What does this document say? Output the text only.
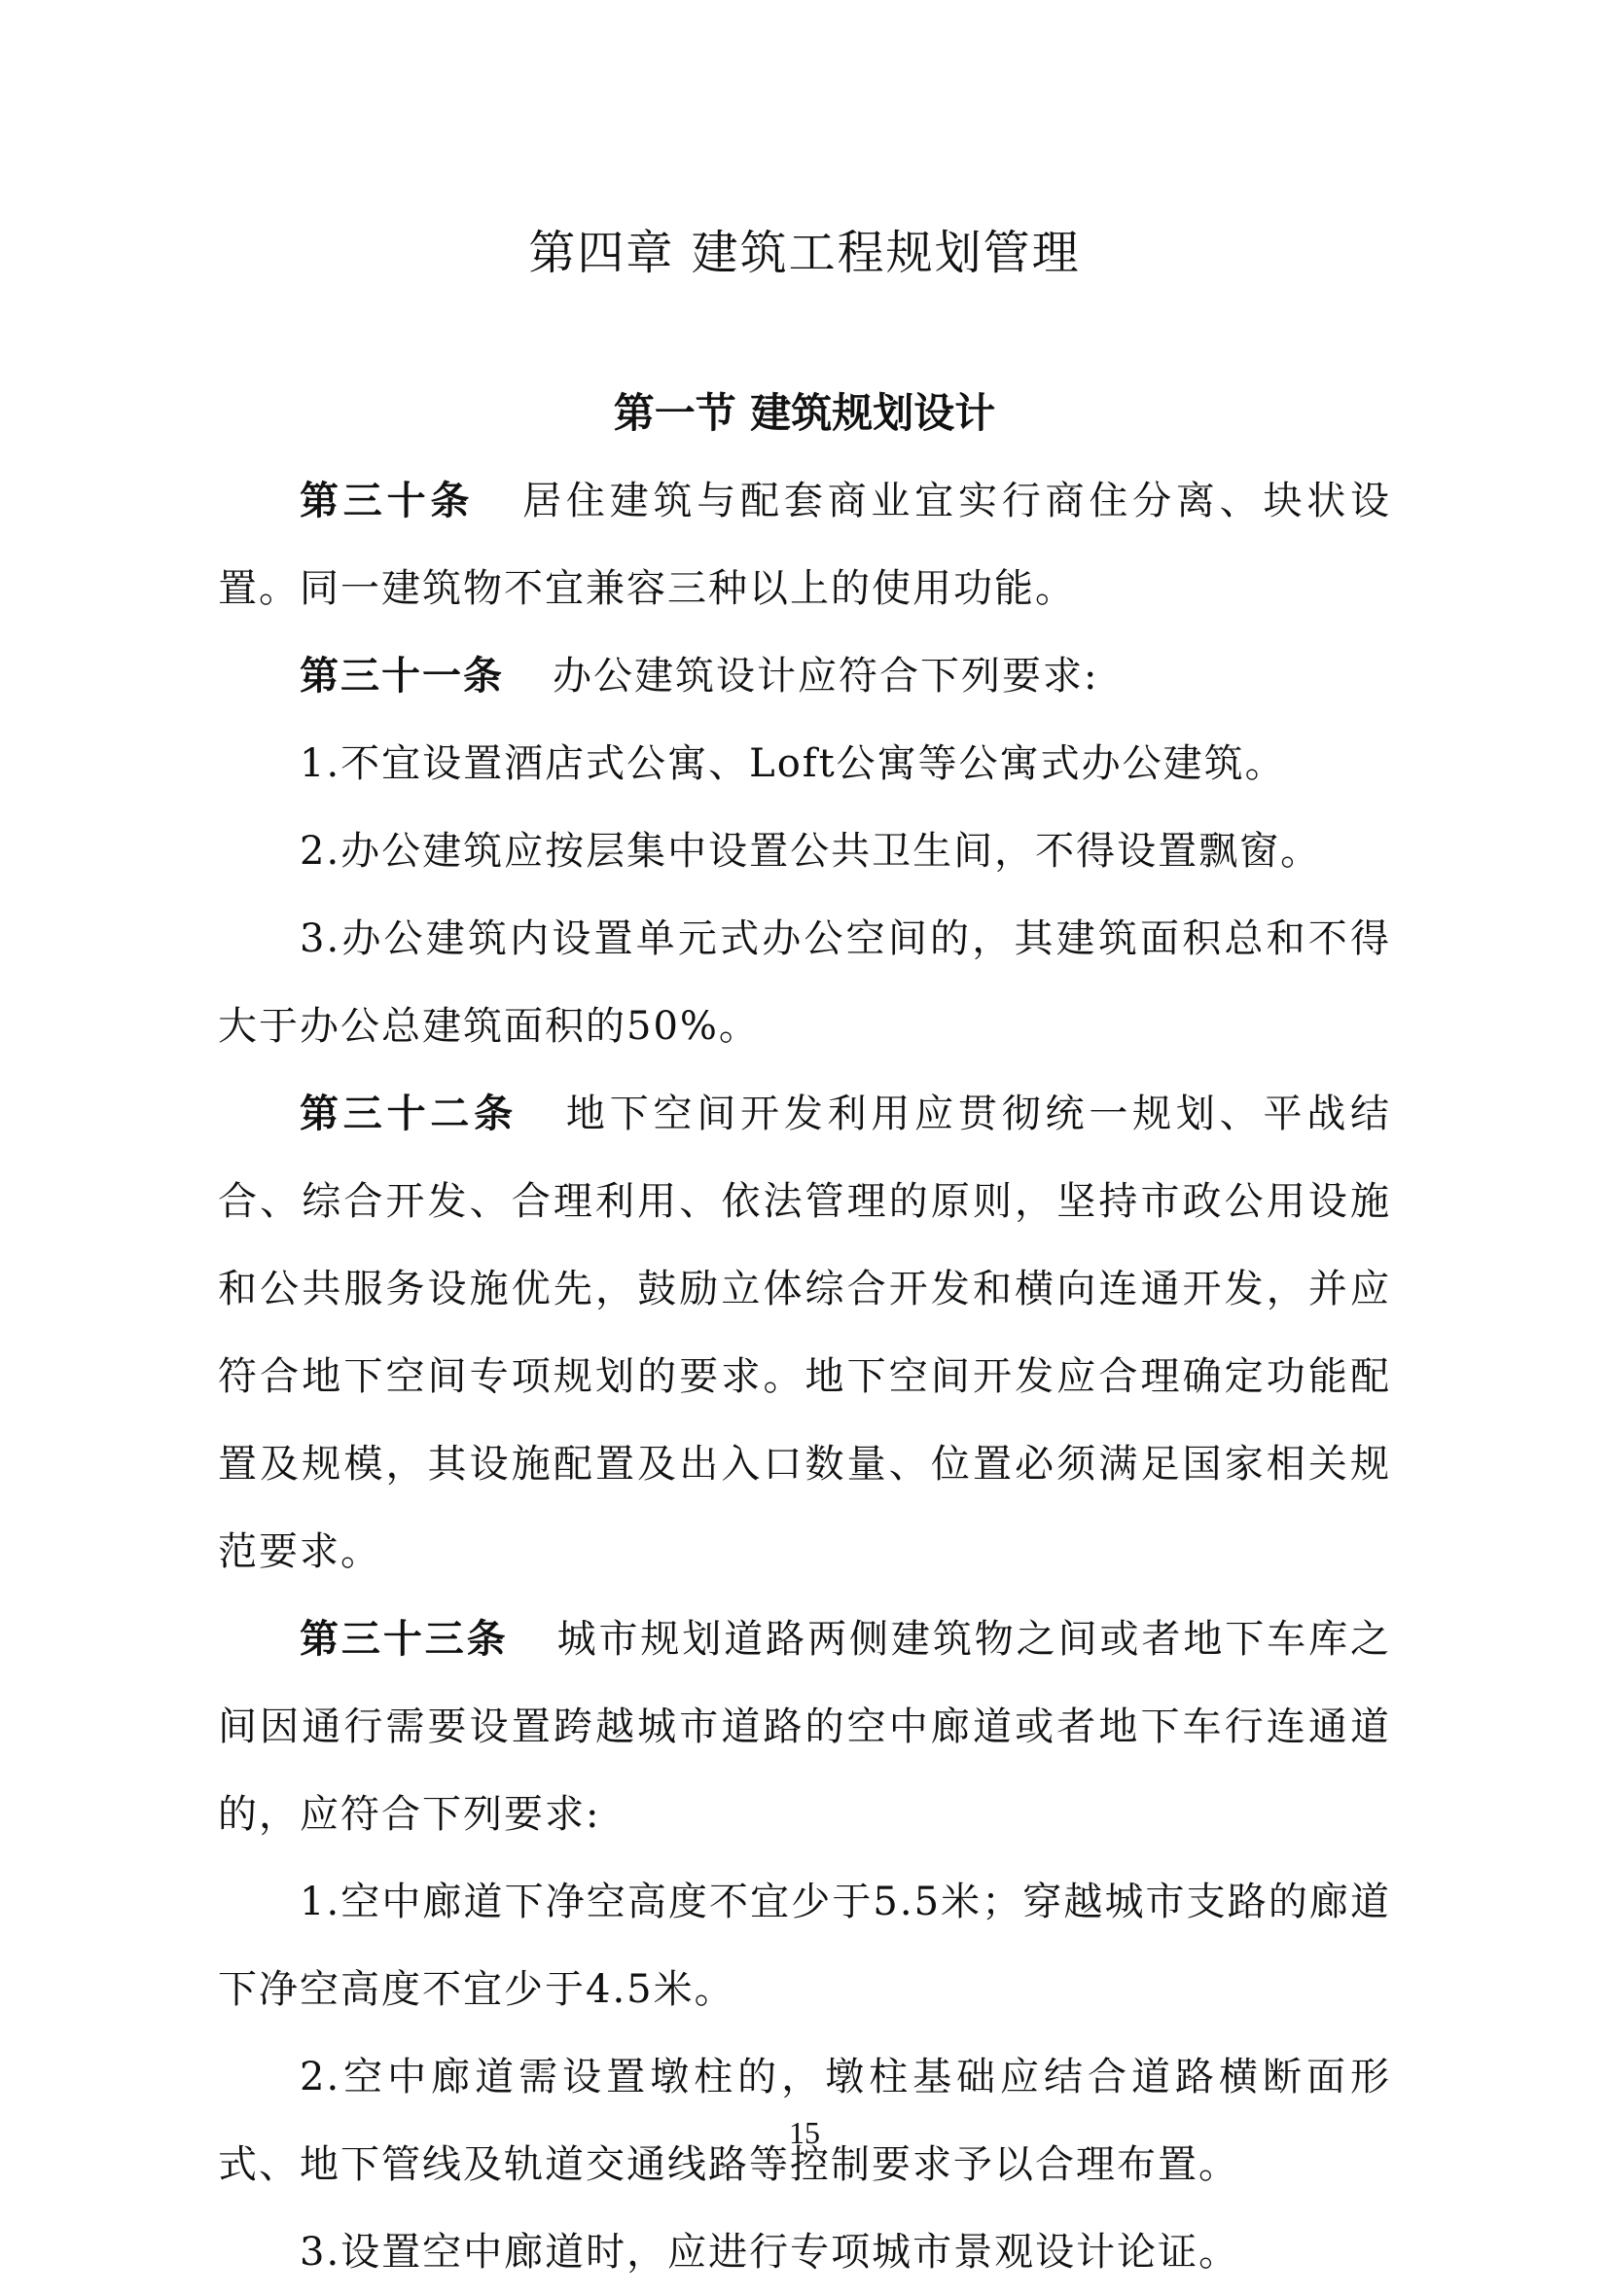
第四章 建筑工程规划管理
第一节 建筑规划设计

第三十条 居住建筑与配套商业宜实行商住分离、块状设置。同一建筑物不宜兼容三种以上的使用功能。

第三十一条 办公建筑设计应符合下列要求:

1.不宜设置酒店式公寓、Loft公寓等公寓式办公建筑。

2.办公建筑应按层集中设置公共卫生间，不得设置飘窗。

3.办公建筑内设置单元式办公空间的，其建筑面积总和不得大于办公总建筑面积的50%。

第三十二条 地下空间开发利用应贯彻统一规划、平战结合、综合开发、合理利用、依法管理的原则，坚持市政公用设施和公共服务设施优先，鼓励立体综合开发和横向连通开发，并应符合地下空间专项规划的要求。地下空间开发应合理确定功能配置及规模，其设施配置及出入口数量、位置必须满足国家相关规范要求。

第三十三条 城市规划道路两侧建筑物之间或者地下车库之间因通行需要设置跨越城市道路的空中廊道或者地下车行连通道的，应符合下列要求:

1.空中廊道下净空高度不宜少于5.5米；穿越城市支路的廊道下净空高度不宜少于4.5米。

2.空中廊道需设置墩柱的，墩柱基础应结合道路横断面形式、地下管线及轨道交通线路等控制要求予以合理布置。

3.设置空中廊道时，应进行专项城市景观设计论证。

15
